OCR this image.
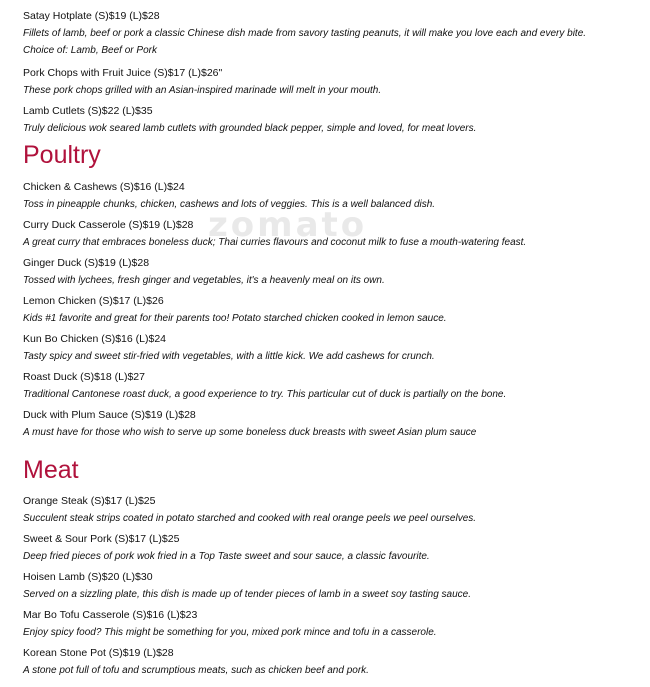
zomato
Satay Hotplate (S)$19 (L)$28
Fillets of lamb, beef or pork a classic Chinese dish made from savory tasting peanuts, it will make you love each and every bite.
Choice of: Lamb, Beef or Pork
Pork Chops with Fruit Juice (S)$17 (L)$26"
These pork chops grilled with an Asian-inspired marinade will melt in your mouth.
Lamb Cutlets (S)$22 (L)$35
Truly delicious wok seared lamb cutlets with grounded black pepper, simple and loved, for meat lovers.
Poultry
Chicken & Cashews (S)$16 (L)$24
Toss in pineapple chunks, chicken, cashews and lots of veggies. This is a well balanced dish.
Curry Duck Casserole (S)$19 (L)$28
A great curry that embraces boneless duck; Thai curries flavours and coconut milk to fuse a mouth-watering feast.
Ginger Duck (S)$19 (L)$28
Tossed with lychees, fresh ginger and vegetables, it's a heavenly meal on its own.
Lemon Chicken (S)$17 (L)$26
Kids #1 favorite and great for their parents too! Potato starched chicken cooked in lemon sauce.
Kun Bo Chicken (S)$16 (L)$24
Tasty spicy and sweet stir-fried with vegetables, with a little kick. We add cashews for crunch.
Roast Duck (S)$18 (L)$27
Traditional Cantonese roast duck, a good experience to try. This particular cut of duck is partially on the bone.
Duck with Plum Sauce (S)$19 (L)$28
A must have for those who wish to serve up some boneless duck breasts with sweet Asian plum sauce
Meat
Orange Steak (S)$17 (L)$25
Succulent steak strips coated in potato starched and cooked with real orange peels we peel ourselves.
Sweet & Sour Pork (S)$17 (L)$25
Deep fried pieces of pork wok fried in a Top Taste sweet and sour sauce, a classic favourite.
Hoisen Lamb (S)$20 (L)$30
Served on a sizzling plate, this dish is made up of tender pieces of lamb in a sweet soy tasting sauce.
Mar Bo Tofu Casserole (S)$16 (L)$23
Enjoy spicy food? This might be something for you, mixed pork mince and tofu in a casserole.
Korean Stone Pot (S)$19 (L)$28
A stone pot full of tofu and scrumptious meats, such as chicken beef and pork.
